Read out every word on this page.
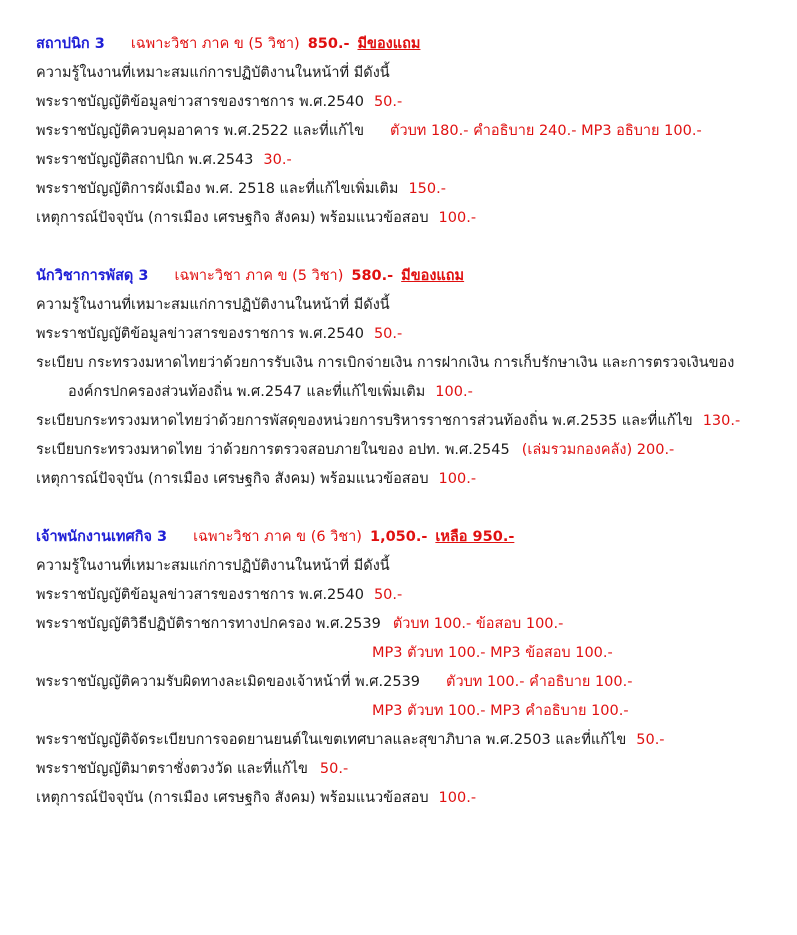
สถาปนิก 3 เฉพาะวิชา ภาค ข (5 วิชา) 850.- มีของแถม
ความรู้ในงานที่เหมาะสมแก่การปฏิบัติงานในหน้าที่ มีดังนี้
พระราชบัญญัติข้อมูลข่าวสารของราชการ พ.ศ.2540 50.-
พระราชบัญญัติควบคุมอาคาร พ.ศ.2522 และที่แก้ไข ตัวบท 180.- คำอธิบาย 240.- MP3 อธิบาย 100.-
พระราชบัญญัติสถาปนิก พ.ศ.2543 30.-
พระราชบัญญัติการผังเมือง พ.ศ. 2518 และที่แก้ไขเพิ่มเติม 150.-
เหตุการณ์ปัจจุบัน (การเมือง เศรษฐกิจ สังคม) พร้อมแนวข้อสอบ 100.-
นักวิชาการพัสดุ 3 เฉพาะวิชา ภาค ข (5 วิชา) 580.- มีของแถม
ความรู้ในงานที่เหมาะสมแก่การปฏิบัติงานในหน้าที่ มีดังนี้
พระราชบัญญัติข้อมูลข่าวสารของราชการ พ.ศ.2540 50.-
ระเบียบ กระทรวงมหาดไทยว่าด้วยการรับเงิน การเบิกจ่ายเงิน การฝากเงิน การเก็บรักษาเงิน และการตรวจเงินของ
องค์กรปกครองส่วนท้องถิ่น พ.ศ.2547 และที่แก้ไขเพิ่มเติม 100.-
ระเบียบกระทรวงมหาดไทยว่าด้วยการพัสดุของหน่วยการบริหารราชการส่วนท้องถิ่น พ.ศ.2535 และที่แก้ไข 130.-
ระเบียบกระทรวงมหาดไทย ว่าด้วยการตรวจสอบภายในของ อปท. พ.ศ.2545 (เล่มรวมกองคลัง) 200.-
เหตุการณ์ปัจจุบัน (การเมือง เศรษฐกิจ สังคม) พร้อมแนวข้อสอบ 100.-
เจ้าพนักงานเทศกิจ 3 เฉพาะวิชา ภาค ข (6 วิชา) 1,050.- เหลือ 950.-
ความรู้ในงานที่เหมาะสมแก่การปฏิบัติงานในหน้าที่ มีดังนี้
พระราชบัญญัติข้อมูลข่าวสารของราชการ พ.ศ.2540 50.-
พระราชบัญญัติวิธีปฏิบัติราชการทางปกครอง พ.ศ.2539 ตัวบท 100.- ข้อสอบ 100.-
MP3 ตัวบท 100.- MP3 ข้อสอบ 100.-
พระราชบัญญัติความรับผิดทางละเมิดของเจ้าหน้าที่ พ.ศ.2539 ตัวบท 100.- คำอธิบาย 100.-
MP3 ตัวบท 100.- MP3 คำอธิบาย 100.-
พระราชบัญญัติจัดระเบียบการจอดยานยนต์ในเขตเทศบาลและสุขาภิบาล พ.ศ.2503 และที่แก้ไข 50.-
พระราชบัญญัติมาตราชั่งตวงวัด และที่แก้ไข 50.-
เหตุการณ์ปัจจุบัน (การเมือง เศรษฐกิจ สังคม) พร้อมแนวข้อสอบ 100.-
